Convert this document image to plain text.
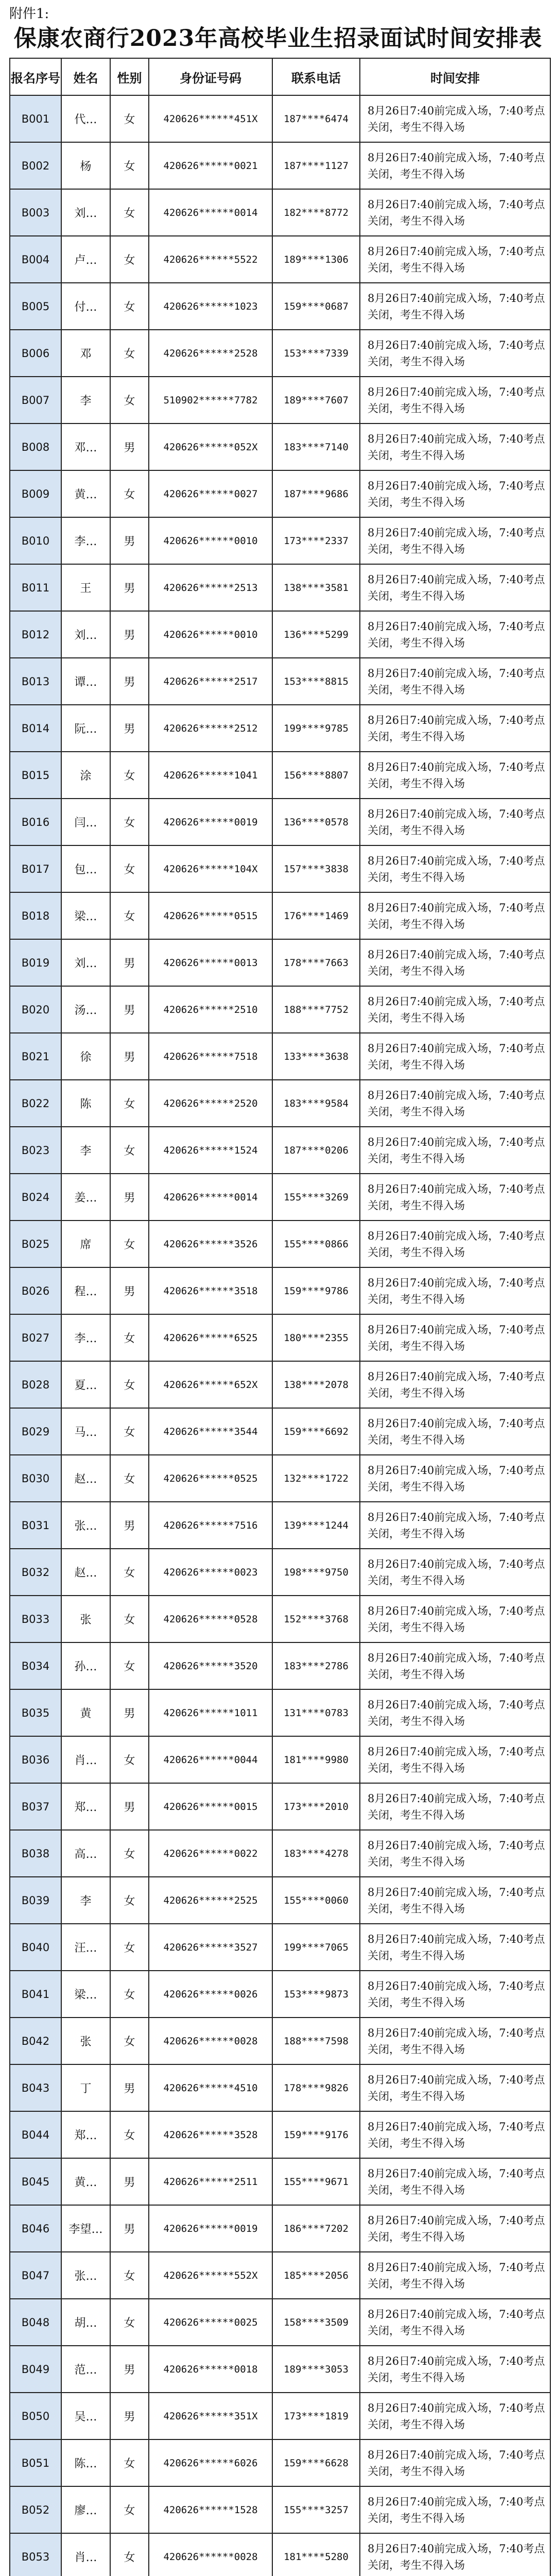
附件1:
保康农商行2023年高校毕业生招录面试时间安排表
报名序号	姓名	性别	身份证号码	联系电话	时间安排
B001	代…	女	420626******451X	187****6474	8月26日7:40前完成入场，7:40考点关闭，考生不得入场
B002	杨	女	420626******0021	187****1127	8月26日7:40前完成入场，7:40考点关闭，考生不得入场
B003	刘…	女	420626******0014	182****8772	8月26日7:40前完成入场，7:40考点关闭，考生不得入场
B004	卢…	女	420626******5522	189****1306	8月26日7:40前完成入场，7:40考点关闭，考生不得入场
B005	付…	女	420626******1023	159****0687	8月26日7:40前完成入场，7:40考点关闭，考生不得入场
B006	邓	女	420626******2528	153****7339	8月26日7:40前完成入场，7:40考点关闭，考生不得入场
B007	李	女	510902******7782	189****7607	8月26日7:40前完成入场，7:40考点关闭，考生不得入场
B008	邓…	男	420626******052X	183****7140	8月26日7:40前完成入场，7:40考点关闭，考生不得入场
B009	黄…	女	420626******0027	187****9686	8月26日7:40前完成入场，7:40考点关闭，考生不得入场
B010	李…	男	420626******0010	173****2337	8月26日7:40前完成入场，7:40考点关闭，考生不得入场
B011	王	男	420626******2513	138****3581	8月26日7:40前完成入场，7:40考点关闭，考生不得入场
B012	刘…	男	420626******0010	136****5299	8月26日7:40前完成入场，7:40考点关闭，考生不得入场
B013	谭…	男	420626******2517	153****8815	8月26日7:40前完成入场，7:40考点关闭，考生不得入场
B014	阮…	男	420626******2512	199****9785	8月26日7:40前完成入场，7:40考点关闭，考生不得入场
B015	涂	女	420626******1041	156****8807	8月26日7:40前完成入场，7:40考点关闭，考生不得入场
B016	闫…	女	420626******0019	136****0578	8月26日7:40前完成入场，7:40考点关闭，考生不得入场
B017	包…	女	420626******104X	157****3838	8月26日7:40前完成入场，7:40考点关闭，考生不得入场
B018	梁…	女	420626******0515	176****1469	8月26日7:40前完成入场，7:40考点关闭，考生不得入场
B019	刘…	男	420626******0013	178****7663	8月26日7:40前完成入场，7:40考点关闭，考生不得入场
B020	汤…	男	420626******2510	188****7752	8月26日7:40前完成入场，7:40考点关闭，考生不得入场
B021	徐	男	420626******7518	133****3638	8月26日7:40前完成入场，7:40考点关闭，考生不得入场
B022	陈	女	420626******2520	183****9584	8月26日7:40前完成入场，7:40考点关闭，考生不得入场
B023	李	女	420626******1524	187****0206	8月26日7:40前完成入场，7:40考点关闭，考生不得入场
B024	姜…	男	420626******0014	155****3269	8月26日7:40前完成入场，7:40考点关闭，考生不得入场
B025	席	女	420626******3526	155****0866	8月26日7:40前完成入场，7:40考点关闭，考生不得入场
B026	程…	男	420626******3518	159****9786	8月26日7:40前完成入场，7:40考点关闭，考生不得入场
B027	李…	女	420626******6525	180****2355	8月26日7:40前完成入场，7:40考点关闭，考生不得入场
B028	夏…	女	420626******652X	138****2078	8月26日7:40前完成入场，7:40考点关闭，考生不得入场
B029	马…	女	420626******3544	159****6692	8月26日7:40前完成入场，7:40考点关闭，考生不得入场
B030	赵…	女	420626******0525	132****1722	8月26日7:40前完成入场，7:40考点关闭，考生不得入场
B031	张…	男	420626******7516	139****1244	8月26日7:40前完成入场，7:40考点关闭，考生不得入场
B032	赵…	女	420626******0023	198****9750	8月26日7:40前完成入场，7:40考点关闭，考生不得入场
B033	张	女	420626******0528	152****3768	8月26日7:40前完成入场，7:40考点关闭，考生不得入场
B034	孙…	女	420626******3520	183****2786	8月26日7:40前完成入场，7:40考点关闭，考生不得入场
B035	黄	男	420626******1011	131****0783	8月26日7:40前完成入场，7:40考点关闭，考生不得入场
B036	肖…	女	420626******0044	181****9980	8月26日7:40前完成入场，7:40考点关闭，考生不得入场
B037	郑…	男	420626******0015	173****2010	8月26日7:40前完成入场，7:40考点关闭，考生不得入场
B038	高…	女	420626******0022	183****4278	8月26日7:40前完成入场，7:40考点关闭，考生不得入场
B039	李	女	420626******2525	155****0060	8月26日7:40前完成入场，7:40考点关闭，考生不得入场
B040	汪…	女	420626******3527	199****7065	8月26日7:40前完成入场，7:40考点关闭，考生不得入场
B041	梁…	女	420626******0026	153****9873	8月26日7:40前完成入场，7:40考点关闭，考生不得入场
B042	张	女	420626******0028	188****7598	8月26日7:40前完成入场，7:40考点关闭，考生不得入场
B043	丁	男	420626******4510	178****9826	8月26日7:40前完成入场，7:40考点关闭，考生不得入场
B044	郑…	女	420626******3528	159****9176	8月26日7:40前完成入场，7:40考点关闭，考生不得入场
B045	黄…	男	420626******2511	155****9671	8月26日7:40前完成入场，7:40考点关闭，考生不得入场
B046	李望…	男	420626******0019	186****7202	8月26日7:40前完成入场，7:40考点关闭，考生不得入场
B047	张…	女	420626******552X	185****2056	8月26日7:40前完成入场，7:40考点关闭，考生不得入场
B048	胡…	女	420626******0025	158****3509	8月26日7:40前完成入场，7:40考点关闭，考生不得入场
B049	范…	男	420626******0018	189****3053	8月26日7:40前完成入场，7:40考点关闭，考生不得入场
B050	吴…	男	420626******351X	173****1819	8月26日7:40前完成入场，7:40考点关闭，考生不得入场
B051	陈…	女	420626******6026	159****6628	8月26日7:40前完成入场，7:40考点关闭，考生不得入场
B052	廖…	女	420626******1528	155****3257	8月26日7:40前完成入场，7:40考点关闭，考生不得入场
B053	肖…	女	420626******0028	181****5280	8月26日7:40前完成入场，7:40考点关闭，考生不得入场
